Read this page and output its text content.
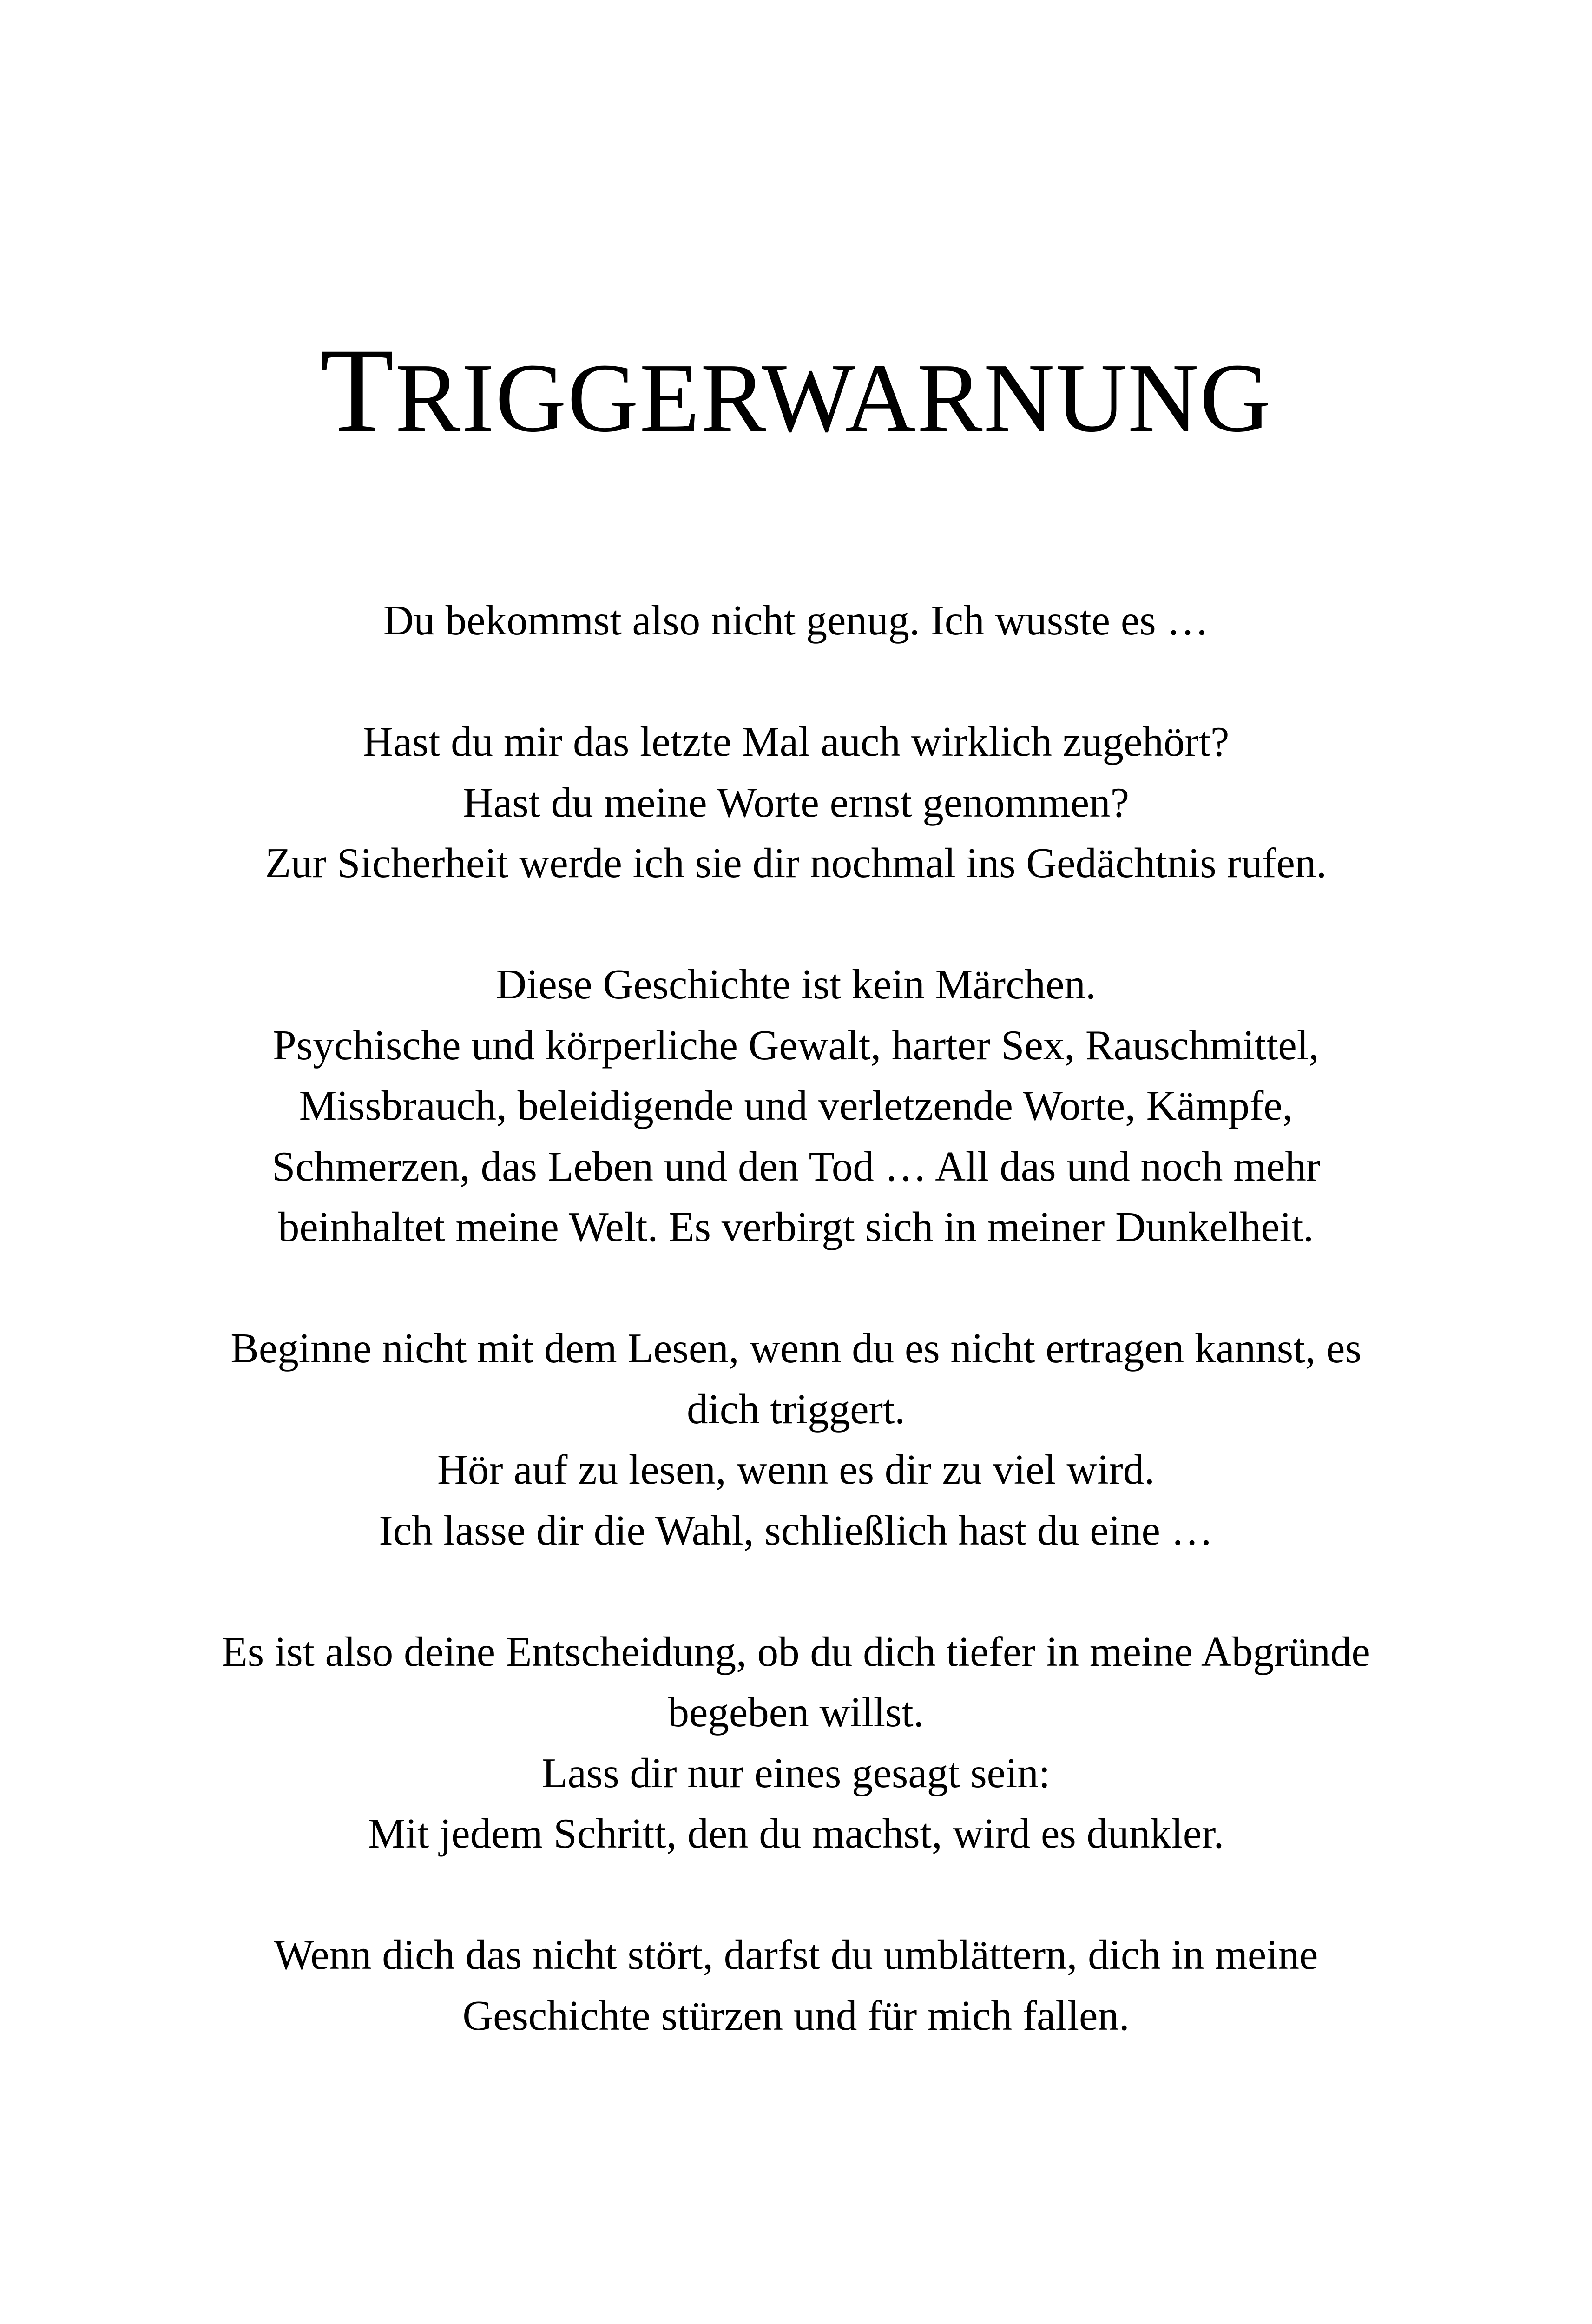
TRIGGERWARNUNG

Du bekommst also nicht genug. Ich wusste es …

Hast du mir das letzte Mal auch wirklich zugehört?
Hast du meine Worte ernst genommen?
Zur Sicherheit werde ich sie dir nochmal ins Gedächtnis rufen.

Diese Geschichte ist kein Märchen.
Psychische und körperliche Gewalt, harter Sex, Rauschmittel,
Missbrauch, beleidigende und verletzende Worte, Kämpfe,
Schmerzen, das Leben und den Tod … All das und noch mehr
beinhaltet meine Welt. Es verbirgt sich in meiner Dunkelheit.

Beginne nicht mit dem Lesen, wenn du es nicht ertragen kannst, es
dich triggert.
Hör auf zu lesen, wenn es dir zu viel wird.
Ich lasse dir die Wahl, schließlich hast du eine …

Es ist also deine Entscheidung, ob du dich tiefer in meine Abgründe
begeben willst.
Lass dir nur eines gesagt sein:
Mit jedem Schritt, den du machst, wird es dunkler.

Wenn dich das nicht stört, darfst du umblättern, dich in meine
Geschichte stürzen und für mich fallen.
